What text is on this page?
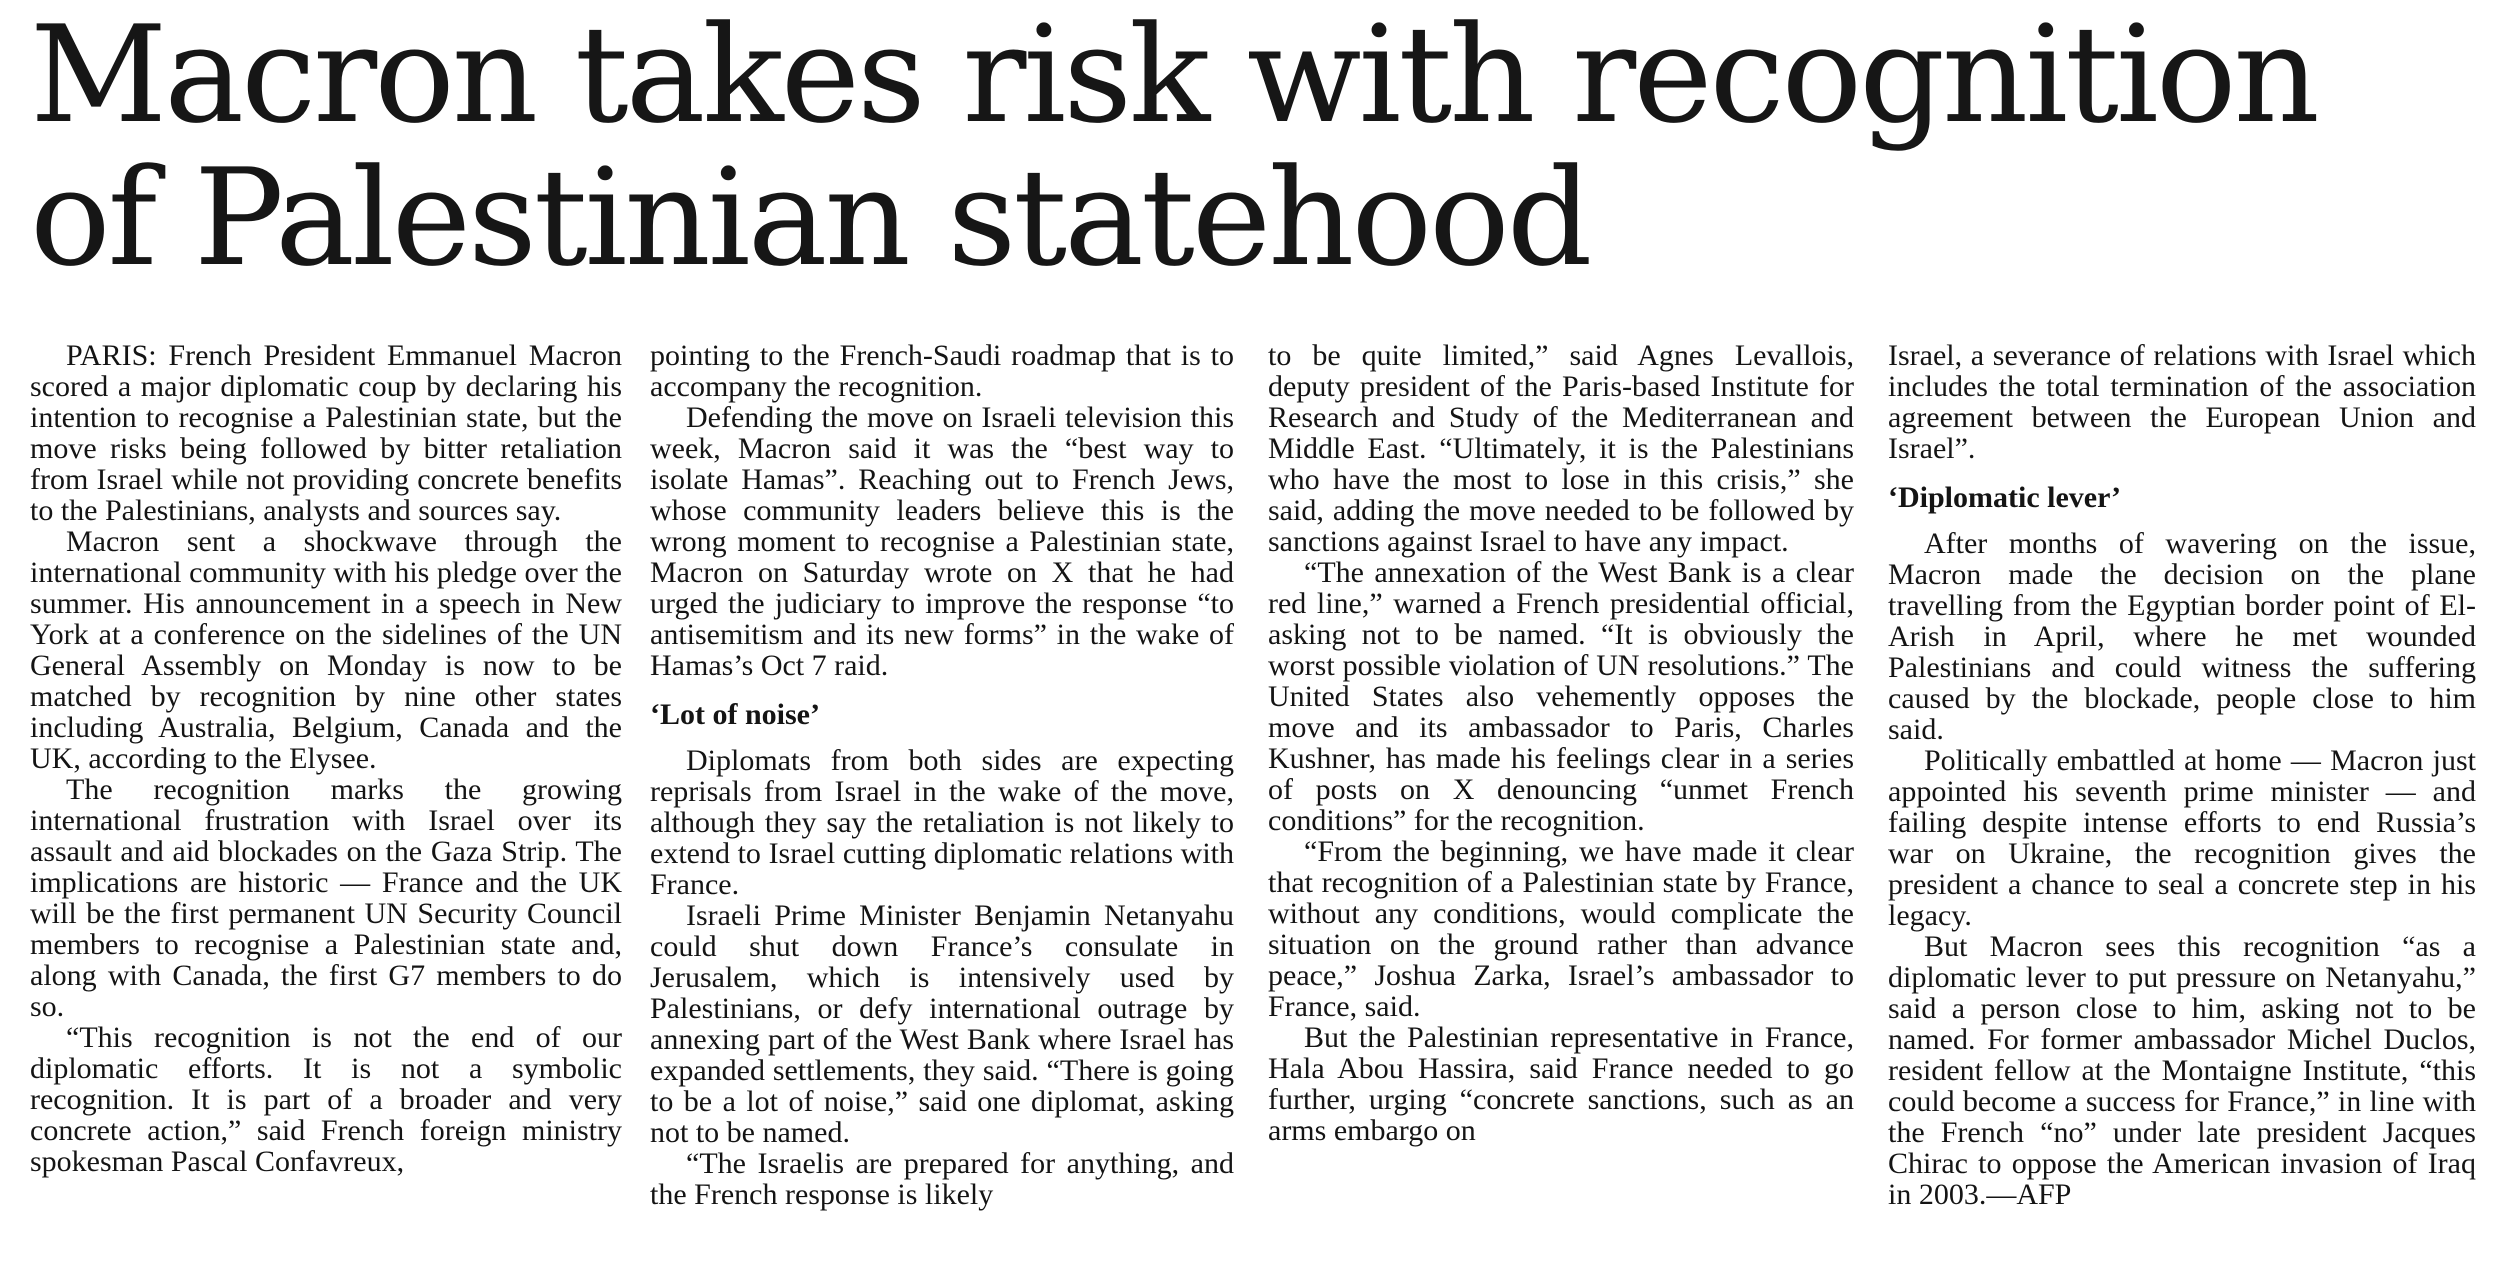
Macron takes risk with recognition
of Palestinian statehood

PARIS: French President Emmanuel Macron scored a major diplomatic coup by declaring his intention to recognise a Palestinian state, but the move risks being followed by bitter retaliation from Israel while not providing concrete benefits to the Palestinians, analysts and sources say.

Macron sent a shockwave through the international community with his pledge over the summer. His announcement in a speech in New York at a conference on the sidelines of the UN General Assembly on Monday is now to be matched by recognition by nine other states including Australia, Belgium, Canada and the UK, according to the Elysee.

The recognition marks the growing international frustration with Israel over its assault and aid blockades on the Gaza Strip. The implications are historic — France and the UK will be the first permanent UN Security Council members to recognise a Palestinian state and, along with Canada, the first G7 members to do so.

“This recognition is not the end of our diplomatic efforts. It is not a symbolic recognition. It is part of a broader and very concrete action,” said French foreign ministry spokesman Pascal Confavreux,

pointing to the French-Saudi roadmap that is to accompany the recognition.

Defending the move on Israeli television this week, Macron said it was the “best way to isolate Hamas”. Reaching out to French Jews, whose community leaders believe this is the wrong moment to recognise a Palestinian state, Macron on Saturday wrote on X that he had urged the judiciary to improve the response “to antisemitism and its new forms” in the wake of Hamas’s Oct 7 raid.

‘Lot of noise’

Diplomats from both sides are expecting reprisals from Israel in the wake of the move, although they say the retaliation is not likely to extend to Israel cutting diplomatic relations with France.

Israeli Prime Minister Benjamin Netanyahu could shut down France’s consulate in Jerusalem, which is intensively used by Palestinians, or defy international outrage by annexing part of the West Bank where Israel has expanded settlements, they said. “There is going to be a lot of noise,” said one diplomat, asking not to be named.

“The Israelis are prepared for anything, and the French response is likely

to be quite limited,” said Agnes Levallois, deputy president of the Paris-based Institute for Research and Study of the Mediterranean and Middle East. “Ultimately, it is the Palestinians who have the most to lose in this crisis,” she said, adding the move needed to be followed by sanctions against Israel to have any impact.

“The annexation of the West Bank is a clear red line,” warned a French presidential official, asking not to be named. “It is obviously the worst possible violation of UN resolutions.” The United States also vehemently opposes the move and its ambassador to Paris, Charles Kushner, has made his feelings clear in a series of posts on X denouncing “unmet French conditions” for the recognition.

“From the beginning, we have made it clear that recognition of a Palestinian state by France, without any conditions, would complicate the situation on the ground rather than advance peace,” Joshua Zarka, Israel’s ambassador to France, said.

But the Palestinian representative in France, Hala Abou Hassira, said France needed to go further, urging “concrete sanctions, such as an arms embargo on

Israel, a severance of relations with Israel which includes the total termination of the association agreement between the European Union and Israel”.

‘Diplomatic lever’

After months of wavering on the issue, Macron made the decision on the plane travelling from the Egyptian border point of El-Arish in April, where he met wounded Palestinians and could witness the suffering caused by the blockade, people close to him said.

Politically embattled at home — Macron just appointed his seventh prime minister — and failing despite intense efforts to end Russia’s war on Ukraine, the recognition gives the president a chance to seal a concrete step in his legacy.

But Macron sees this recognition “as a diplomatic lever to put pressure on Netanyahu,” said a person close to him, asking not to be named. For former ambassador Michel Duclos, resident fellow at the Montaigne Institute, “this could become a success for France,” in line with the French “no” under late president Jacques Chirac to oppose the American invasion of Iraq in 2003.—AFP
